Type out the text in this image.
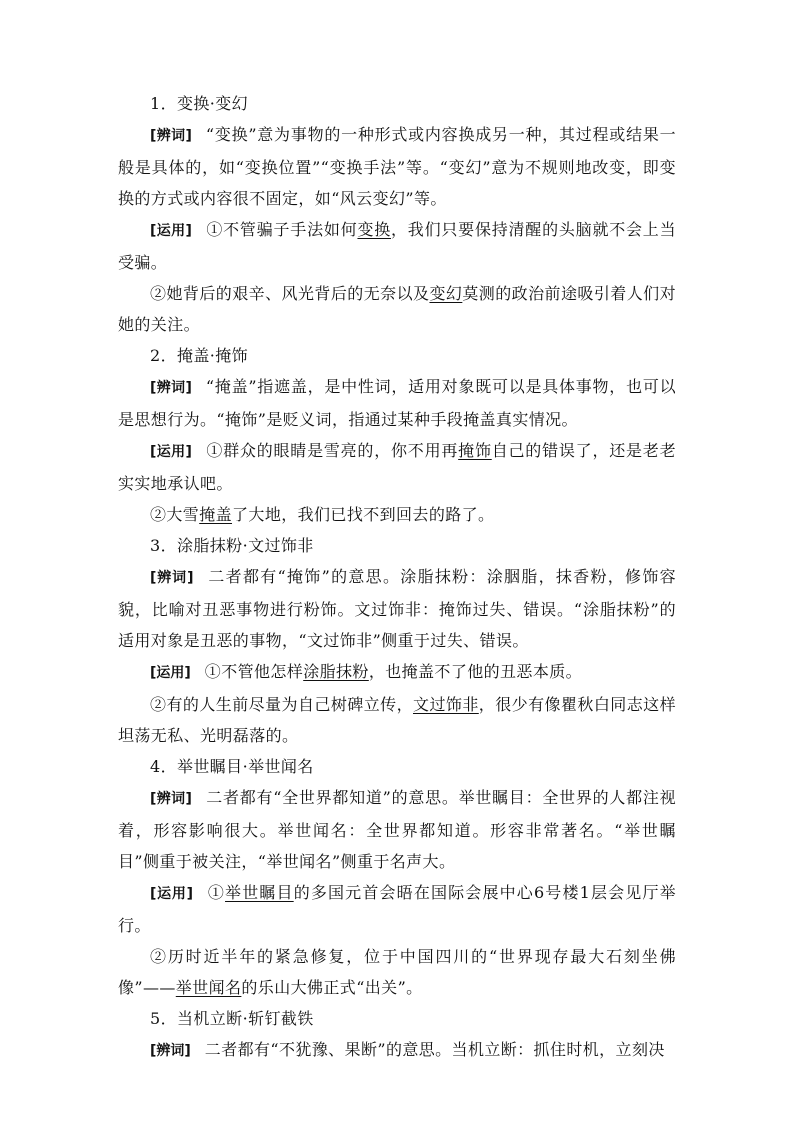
1．变换·变幻

[辨词] “变换”意为事物的一种形式或内容换成另一种，其过程或结果一般是具体的，如“变换位置”“变换手法”等。“变幻”意为不规则地改变，即变换的方式或内容很不固定，如“风云变幻”等。

[运用] ①不管骗子手法如何变换，我们只要保持清醒的头脑就不会上当受骗。

②她背后的艰辛、风光背后的无奈以及变幻莫测的政治前途吸引着人们对她的关注。

2．掩盖·掩饰

[辨词] “掩盖”指遮盖，是中性词，适用对象既可以是具体事物，也可以是思想行为。“掩饰”是贬义词，指通过某种手段掩盖真实情况。

[运用] ①群众的眼睛是雪亮的，你不用再掩饰自己的错误了，还是老老实实地承认吧。

②大雪掩盖了大地，我们已找不到回去的路了。

3．涂脂抹粉·文过饰非

[辨词] 二者都有“掩饰”的意思。涂脂抹粉：涂胭脂，抹香粉，修饰容貌，比喻对丑恶事物进行粉饰。文过饰非：掩饰过失、错误。“涂脂抹粉”的适用对象是丑恶的事物，“文过饰非”侧重于过失、错误。

[运用] ①不管他怎样涂脂抹粉，也掩盖不了他的丑恶本质。

②有的人生前尽量为自己树碑立传，文过饰非，很少有像瞿秋白同志这样坦荡无私、光明磊落的。

4．举世瞩目·举世闻名

[辨词] 二者都有“全世界都知道”的意思。举世瞩目：全世界的人都注视着，形容影响很大。举世闻名：全世界都知道。形容非常著名。“举世瞩目”侧重于被关注，“举世闻名”侧重于名声大。

[运用] ①举世瞩目的多国元首会晤在国际会展中心6号楼1层会见厅举行。

②历时近半年的紧急修复，位于中国四川的“世界现存最大石刻坐佛像”——举世闻名的乐山大佛正式“出关”。

5．当机立断·斩钉截铁

[辨词] 二者都有“不犹豫、果断”的意思。当机立断：抓住时机，立刻决
